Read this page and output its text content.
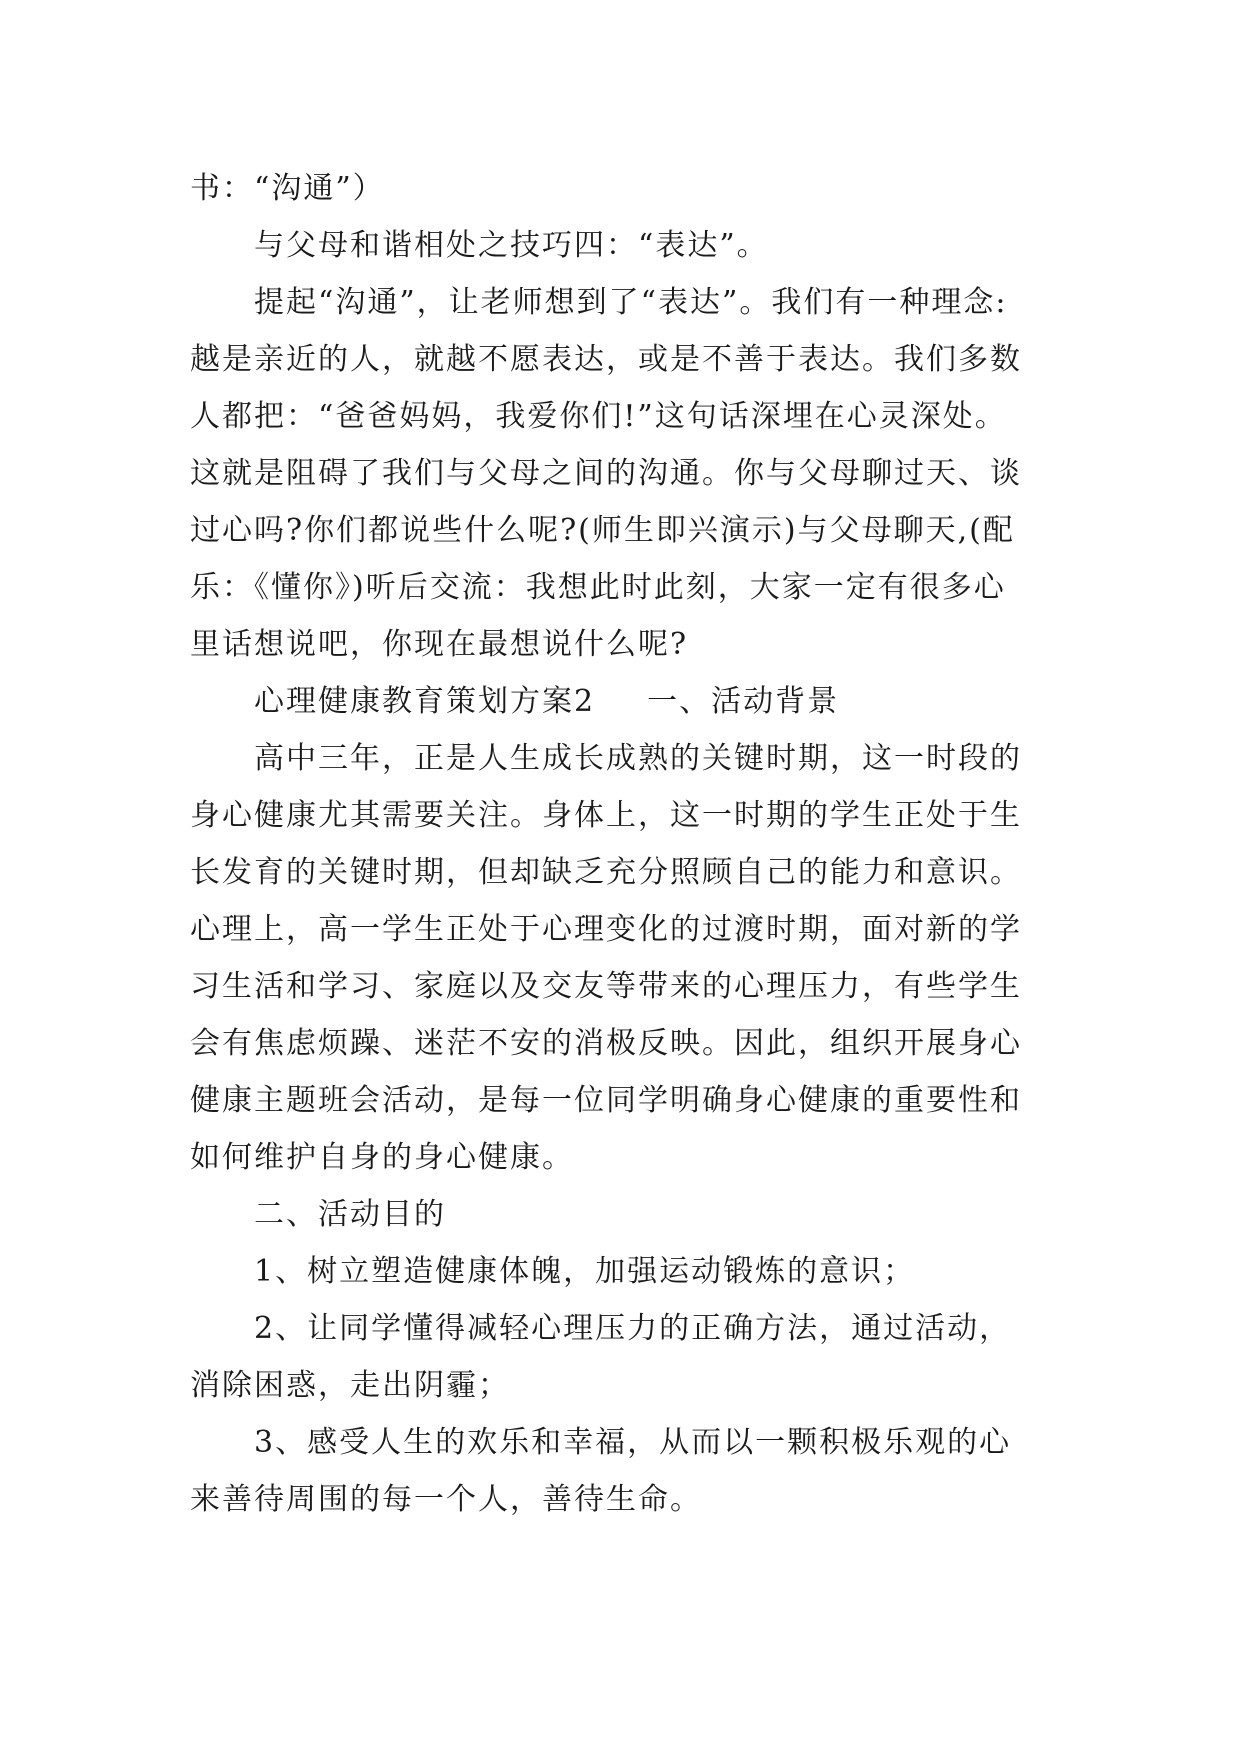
书：“沟通”）
与父母和谐相处之技巧四：“表达”。
提起“沟通”，让老师想到了“表达”。我们有一种理念:
越是亲近的人，就越不愿表达，或是不善于表达。我们多数
人都把：“爸爸妈妈，我爱你们!”这句话深埋在心灵深处。
这就是阻碍了我们与父母之间的沟通。你与父母聊过天、谈
过心吗?你们都说些什么呢?(师生即兴演示)与父母聊天,(配
乐：《懂你》)听后交流：我想此时此刻，大家一定有很多心
里话想说吧，你现在最想说什么呢?
心理健康教育策划方案2 一、活动背景
高中三年，正是人生成长成熟的关键时期，这一时段的
身心健康尤其需要关注。身体上，这一时期的学生正处于生
长发育的关键时期，但却缺乏充分照顾自己的能力和意识。
心理上，高一学生正处于心理变化的过渡时期，面对新的学
习生活和学习、家庭以及交友等带来的心理压力，有些学生
会有焦虑烦躁、迷茫不安的消极反映。因此，组织开展身心
健康主题班会活动，是每一位同学明确身心健康的重要性和
如何维护自身的身心健康。
二、活动目的
1、树立塑造健康体魄，加强运动锻炼的意识；
2、让同学懂得减轻心理压力的正确方法，通过活动，
消除困惑，走出阴霾；
3、感受人生的欢乐和幸福，从而以一颗积极乐观的心
来善待周围的每一个人，善待生命。
